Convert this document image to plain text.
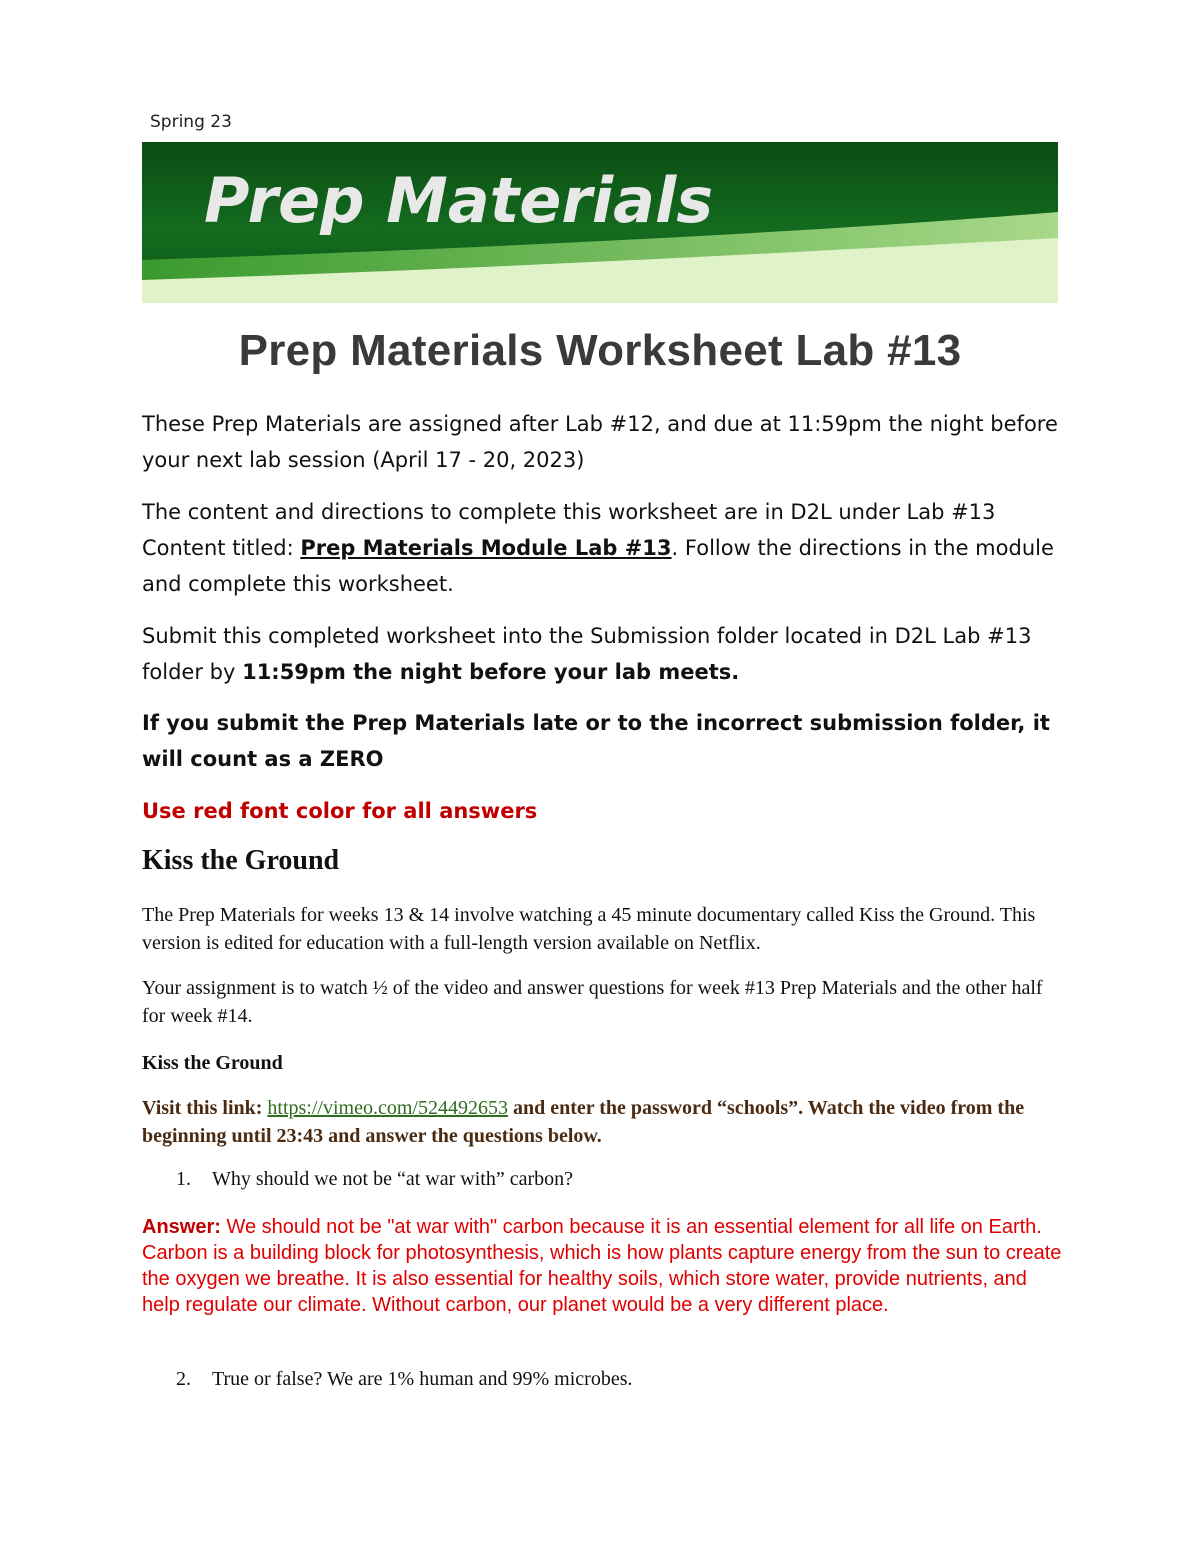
Spring 23
Prep Materials
Prep Materials Worksheet Lab #13

These Prep Materials are assigned after Lab #12, and due at 11:59pm the night before your next lab session (April 17 - 20, 2023)

The content and directions to complete this worksheet are in D2L under Lab #13 Content titled: Prep Materials Module Lab #13. Follow the directions in the module and complete this worksheet.

Submit this completed worksheet into the Submission folder located in D2L Lab #13 folder by 11:59pm the night before your lab meets.

If you submit the Prep Materials late or to the incorrect submission folder, it will count as a ZERO

Use red font color for all answers

Kiss the Ground

The Prep Materials for weeks 13 & 14 involve watching a 45 minute documentary called Kiss the Ground. This version is edited for education with a full-length version available on Netflix.

Your assignment is to watch ½ of the video and answer questions for week #13 Prep Materials and the other half for week #14.

Kiss the Ground

Visit this link: https://vimeo.com/524492653 and enter the password “schools”. Watch the video from the beginning until 23:43 and answer the questions below.

1. Why should we not be “at war with” carbon?
Answer: We should not be "at war with" carbon because it is an essential element for all life on Earth. Carbon is a building block for photosynthesis, which is how plants capture energy from the sun to create the oxygen we breathe. It is also essential for healthy soils, which store water, provide nutrients, and help regulate our climate. Without carbon, our planet would be a very different place.
2. True or false? We are 1% human and 99% microbes.
